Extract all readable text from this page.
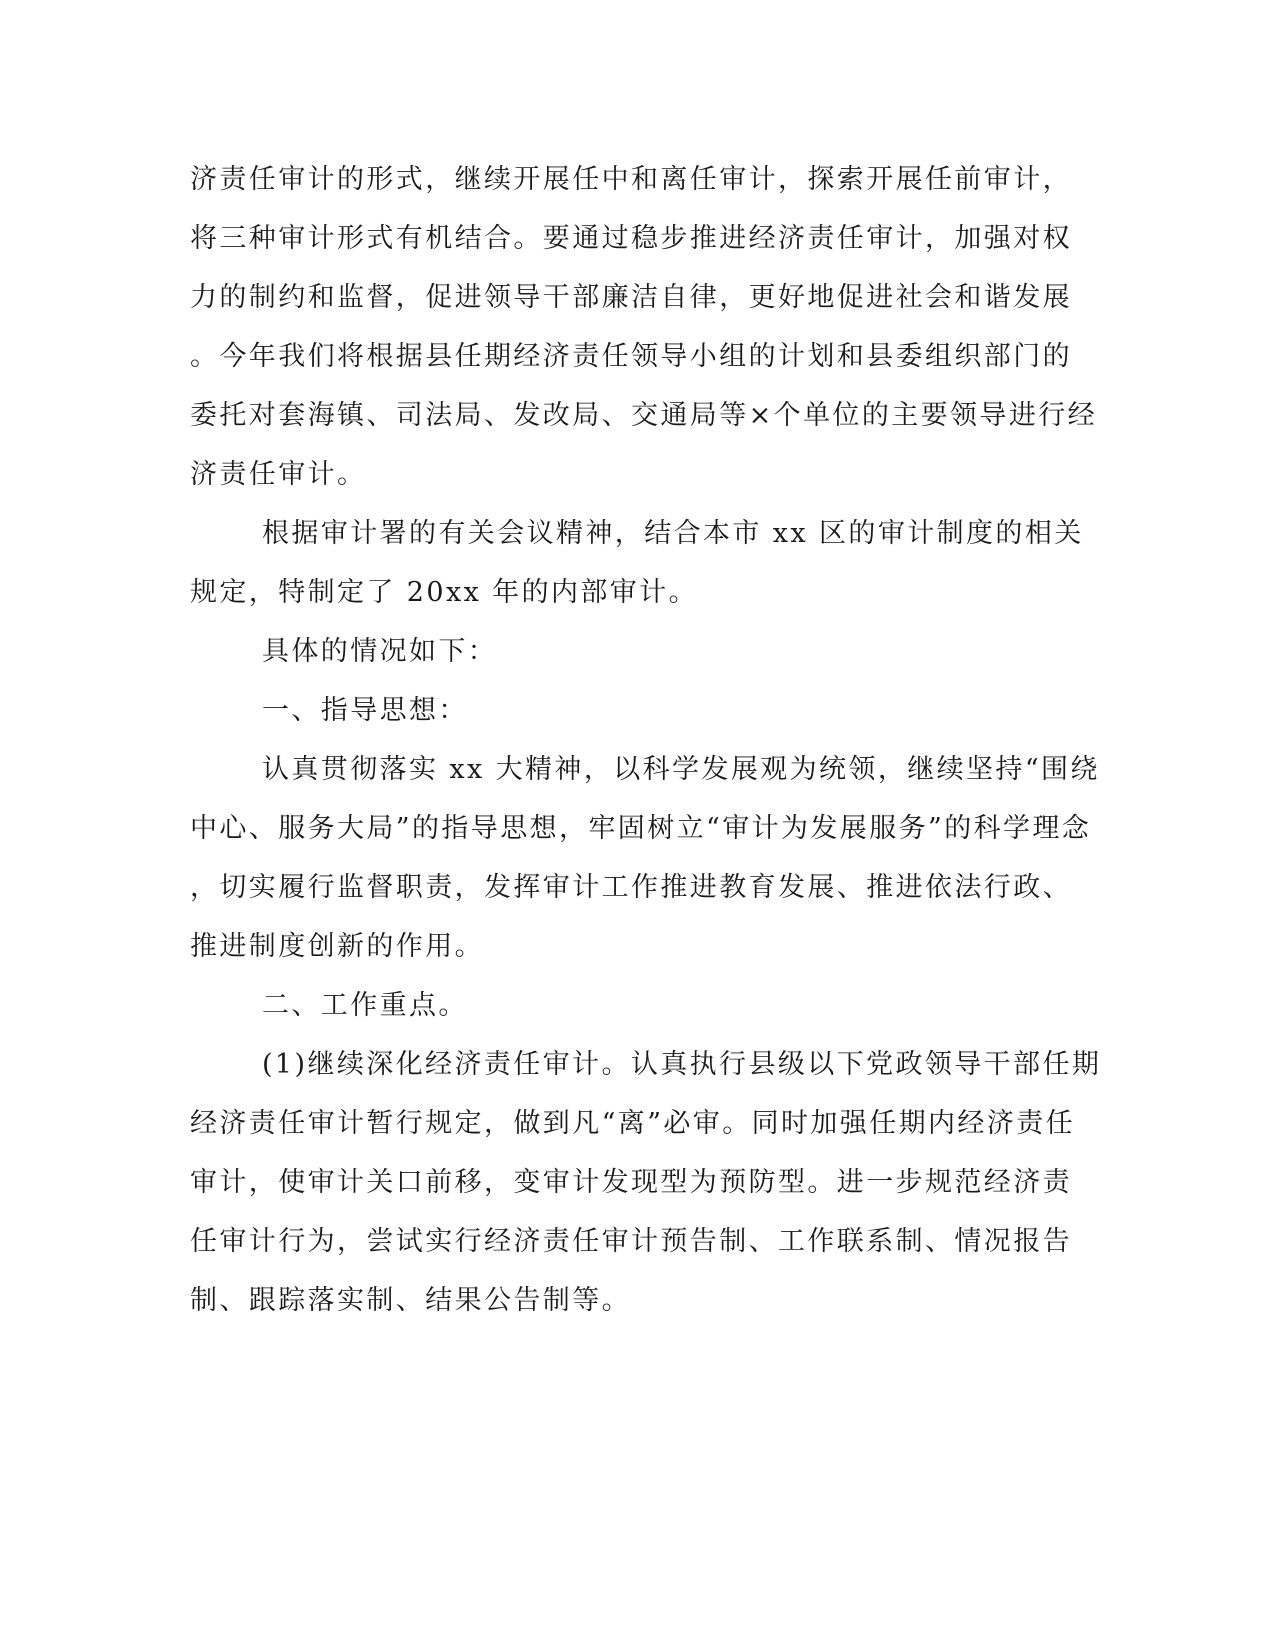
济责任审计的形式，继续开展任中和离任审计，探索开展任前审计，
将三种审计形式有机结合。要通过稳步推进经济责任审计，加强对权
力的制约和监督，促进领导干部廉洁自律，更好地促进社会和谐发展
。今年我们将根据县任期经济责任领导小组的计划和县委组织部门的
委托对套海镇、司法局、发改局、交通局等×个单位的主要领导进行经
济责任审计。
根据审计署的有关会议精神，结合本市 xx 区的审计制度的相关
规定，特制定了 20xx 年的内部审计。
具体的情况如下：
一、指导思想：
认真贯彻落实 xx 大精神，以科学发展观为统领，继续坚持“围绕
中心、服务大局”的指导思想，牢固树立“审计为发展服务”的科学理念
，切实履行监督职责，发挥审计工作推进教育发展、推进依法行政、
推进制度创新的作用。
二、工作重点。
(1)继续深化经济责任审计。认真执行县级以下党政领导干部任期
经济责任审计暂行规定，做到凡“离”必审。同时加强任期内经济责任
审计，使审计关口前移，变审计发现型为预防型。进一步规范经济责
任审计行为，尝试实行经济责任审计预告制、工作联系制、情况报告
制、跟踪落实制、结果公告制等。
